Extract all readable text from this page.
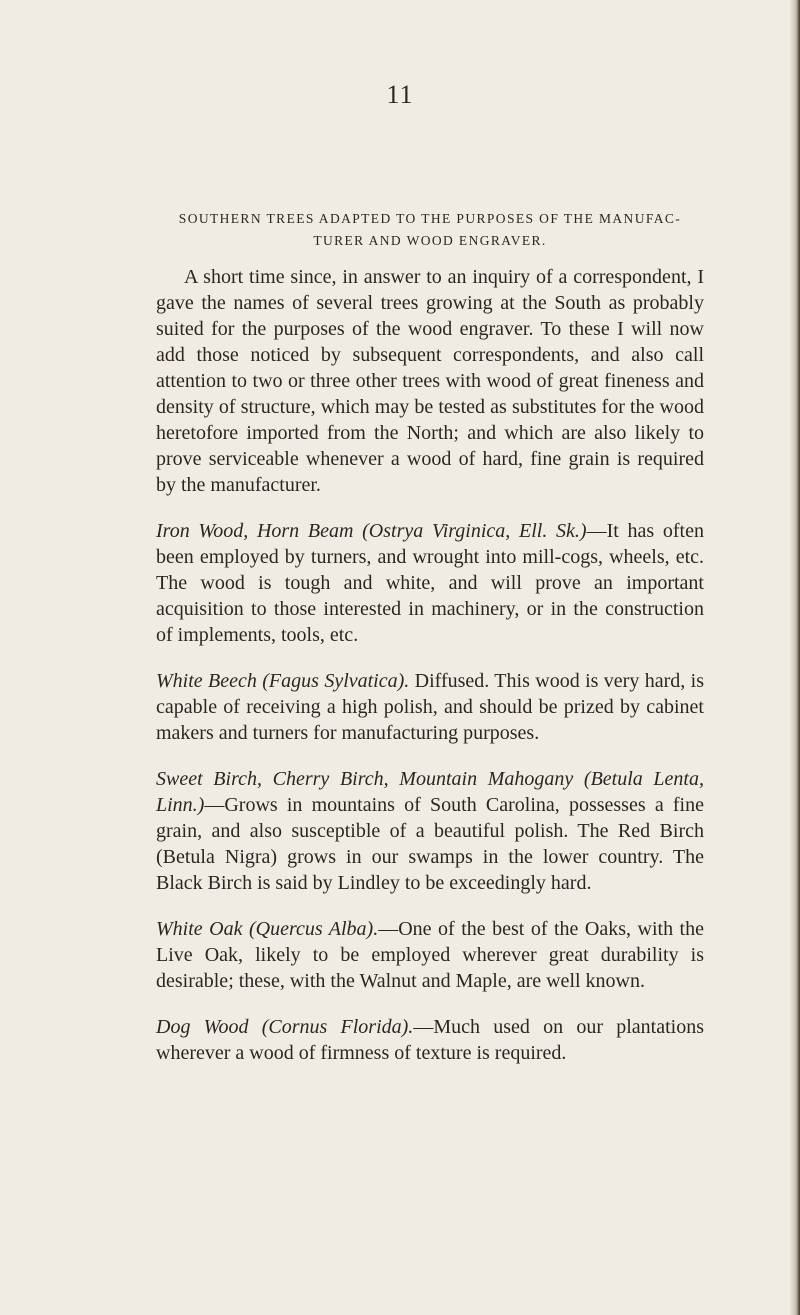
11

SOUTHERN TREES ADAPTED TO THE PURPOSES OF THE MANUFAC- TURER AND WOOD ENGRAVER.

A short time since, in answer to an inquiry of a correspondent, I gave the names of several trees growing at the South as probably suited for the purposes of the wood engraver. To these I will now add those noticed by subsequent correspondents, and also call attention to two or three other trees with wood of great fineness and density of structure, which may be tested as substitutes for the wood heretofore imported from the North; and which are also likely to prove serviceable whenever a wood of hard, fine grain is required by the manufacturer.

Iron Wood, Horn Beam (Ostrya Virginica, Ell. Sk.)—It has often been employed by turners, and wrought into mill-cogs, wheels, etc. The wood is tough and white, and will prove an important acquisition to those interested in machinery, or in the construction of implements, tools, etc.

White Beech (Fagus Sylvatica). Diffused. This wood is very hard, is capable of receiving a high polish, and should be prized by cabinet makers and turners for manufacturing purposes.

Sweet Birch, Cherry Birch, Mountain Mahogany (Betula Lenta, Linn.)—Grows in mountains of South Carolina, possesses a fine grain, and also susceptible of a beautiful polish. The Red Birch (Betula Nigra) grows in our swamps in the lower country. The Black Birch is said by Lindley to be exceedingly hard.

White Oak (Quercus Alba).—One of the best of the Oaks, with the Live Oak, likely to be employed wherever great durability is desirable; these, with the Walnut and Maple, are well known.

Dog Wood (Cornus Florida).—Much used on our plantations wherever a wood of firmness of texture is required.
